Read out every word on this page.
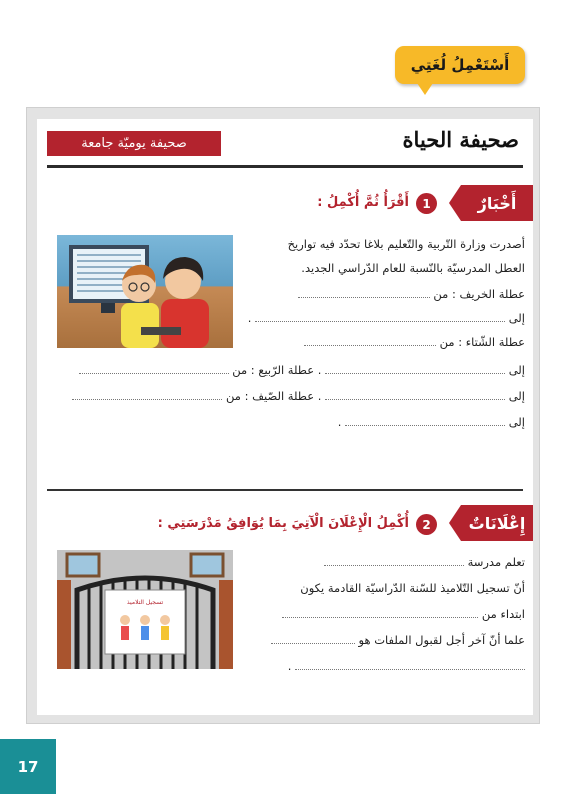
أَسْتَعْمِلُ لُغَتِي
صحيفة الحياة
صحيفة يوميّة جامعة
أَخْبَارٌ
1
أَقْرَأُ ثُمَّ أُكْمِلُ :
أصدرت وزارة التّربية والتّعليم بلاغا تحدّد فيه تواريخ
العطل المدرسيّة بالنّسبة للعام الدّراسي الجديد.
عطلة الخريف : من
إلى  .
عطلة الشّتاء : من
إلى  . عطلة الرّبيع : من
إلى  . عطلة الصّيف : من
إلى  .
إِعْلَانَاتٌ
2
أُكْمِلُ الْإِعْلَانَ الْآتِيَ بِمَا يُوَافِقُ مَدْرَسَتِي :
تعلم مدرسة
أنّ تسجيل التّلاميذ للسّنة الدّراسيّة القادمة يكون
ابتداء من
علما أنّ آخر أجل لقبول الملفات هو
.
تسجيل التلاميذ
17
